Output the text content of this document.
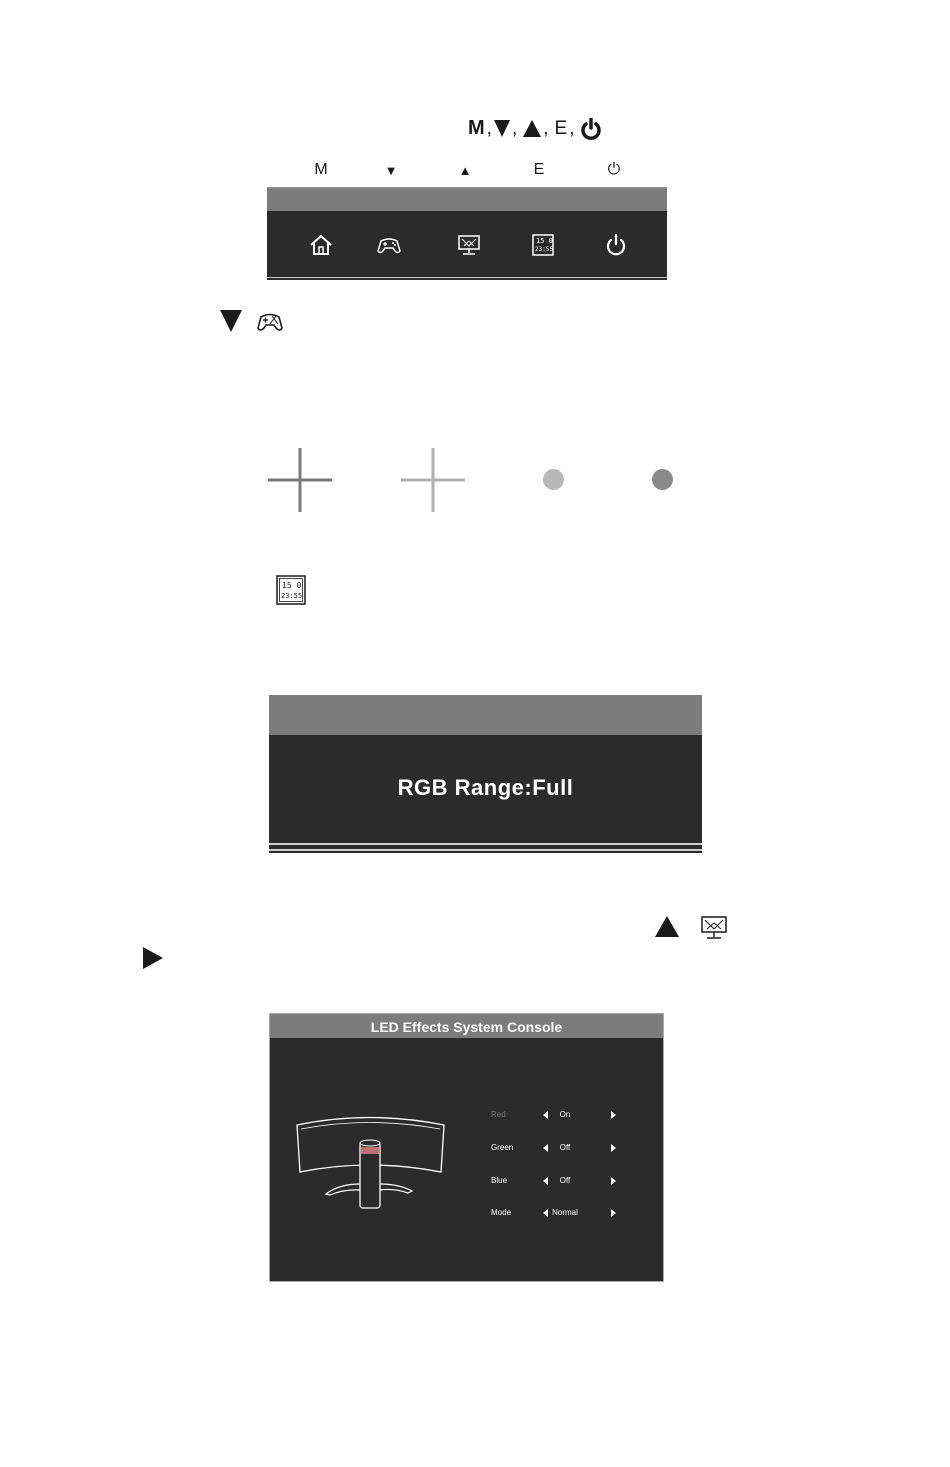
M , , , E ,
M	▼	▲	E	⏻
15 0
23:55
15 0
23:55
RGB Range:Full
LED Effects System Console
Red	On
Green	Off
Blue	Off
Mode	Normal
